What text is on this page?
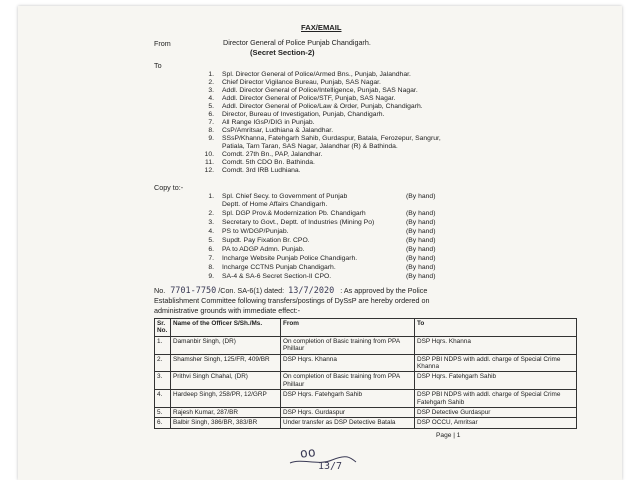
FAX/EMAIL
From	Director General of Police Punjab Chandigarh.
(Secret Section-2)
To
1. Spl. Director General of Police/Armed Bns., Punjab, Jalandhar.
2. Chief Director Vigilance Bureau, Punjab, SAS Nagar.
3. Addl. Director General of Police/Intelligence, Punjab, SAS Nagar.
4. Addl. Director General of Police/STF, Punjab, SAS Nagar.
5. Addl. Director General of Police/Law & Order, Punjab, Chandigarh.
6. Director, Bureau of Investigation, Punjab, Chandigarh.
7. All Range IGsP/DIG in Punjab.
8. CsP/Amritsar, Ludhiana & Jalandhar.
9. SSsP/Khanna, Fatehgarh Sahib, Gurdaspur, Batala, Ferozepur, Sangrur,
Patiala, Tarn Taran, SAS Nagar, Jalandhar (R) & Bathinda.
10. Comdt. 27th Bn., PAP, Jalandhar.
11. Comdt. 5th CDO Bn. Bathinda.
12. Comdt. 3rd IRB Ludhiana.
Copy to:-
1. Spl. Chief Secy. to Government of Punjab	(By hand)
Deptt. of Home Affairs Chandigarh.
2. Spl. DGP Prov.& Modernization Pb. Chandigarh	(By hand)
3. Secretary to Govt., Deptt. of Industries (Mining Po)	(By hand)
4. PS to W/DGP/Punjab.	(By hand)
5. Supdt. Pay Fixation Br. CPO.	(By hand)
6. PA to ADGP Admn. Punjab.	(By hand)
7. Incharge Website Punjab Police Chandigarh.	(By hand)
8. Incharge CCTNS Punjab Chandigarh.	(By hand)
9. SA-4 & SA-6 Secret Section-II CPO.	(By hand)
No. 7701-7750 /Con. SA-6(1) dated: 13/7/2020 : As approved by the Police
Establishment Committee following transfers/postings of DySsP are hereby ordered on
administrative grounds with immediate effect:-
Sr. No.	Name of the Officer S/Sh./Ms.	From	To
1.	Damanbir Singh, (DR)	On completion of Basic training from PPA Phillaur	DSP Hqrs. Khanna
2.	Shamsher Singh, 125/FR, 409/BR	DSP Hqrs. Khanna	DSP PBI NDPS with addl. charge of Special Crime Khanna
3.	Prithvi Singh Chahal, (DR)	On completion of Basic training from PPA Phillaur	DSP Hqrs. Fatehgarh Sahib
4.	Hardeep Singh, 258/PR, 12/GRP	DSP Hqrs. Fatehgarh Sahib	DSP PBI NDPS with addl. charge of Special Crime Fatehgarh Sahib
5.	Rajesh Kumar, 287/BR	DSP Hqrs. Gurdaspur	DSP Detective Gurdaspur
6.	Balbir Singh, 386/BR, 383/BR	Under transfer as DSP Detective Batala	DSP OCCU, Amritsar
oo
13/7
Page | 1
